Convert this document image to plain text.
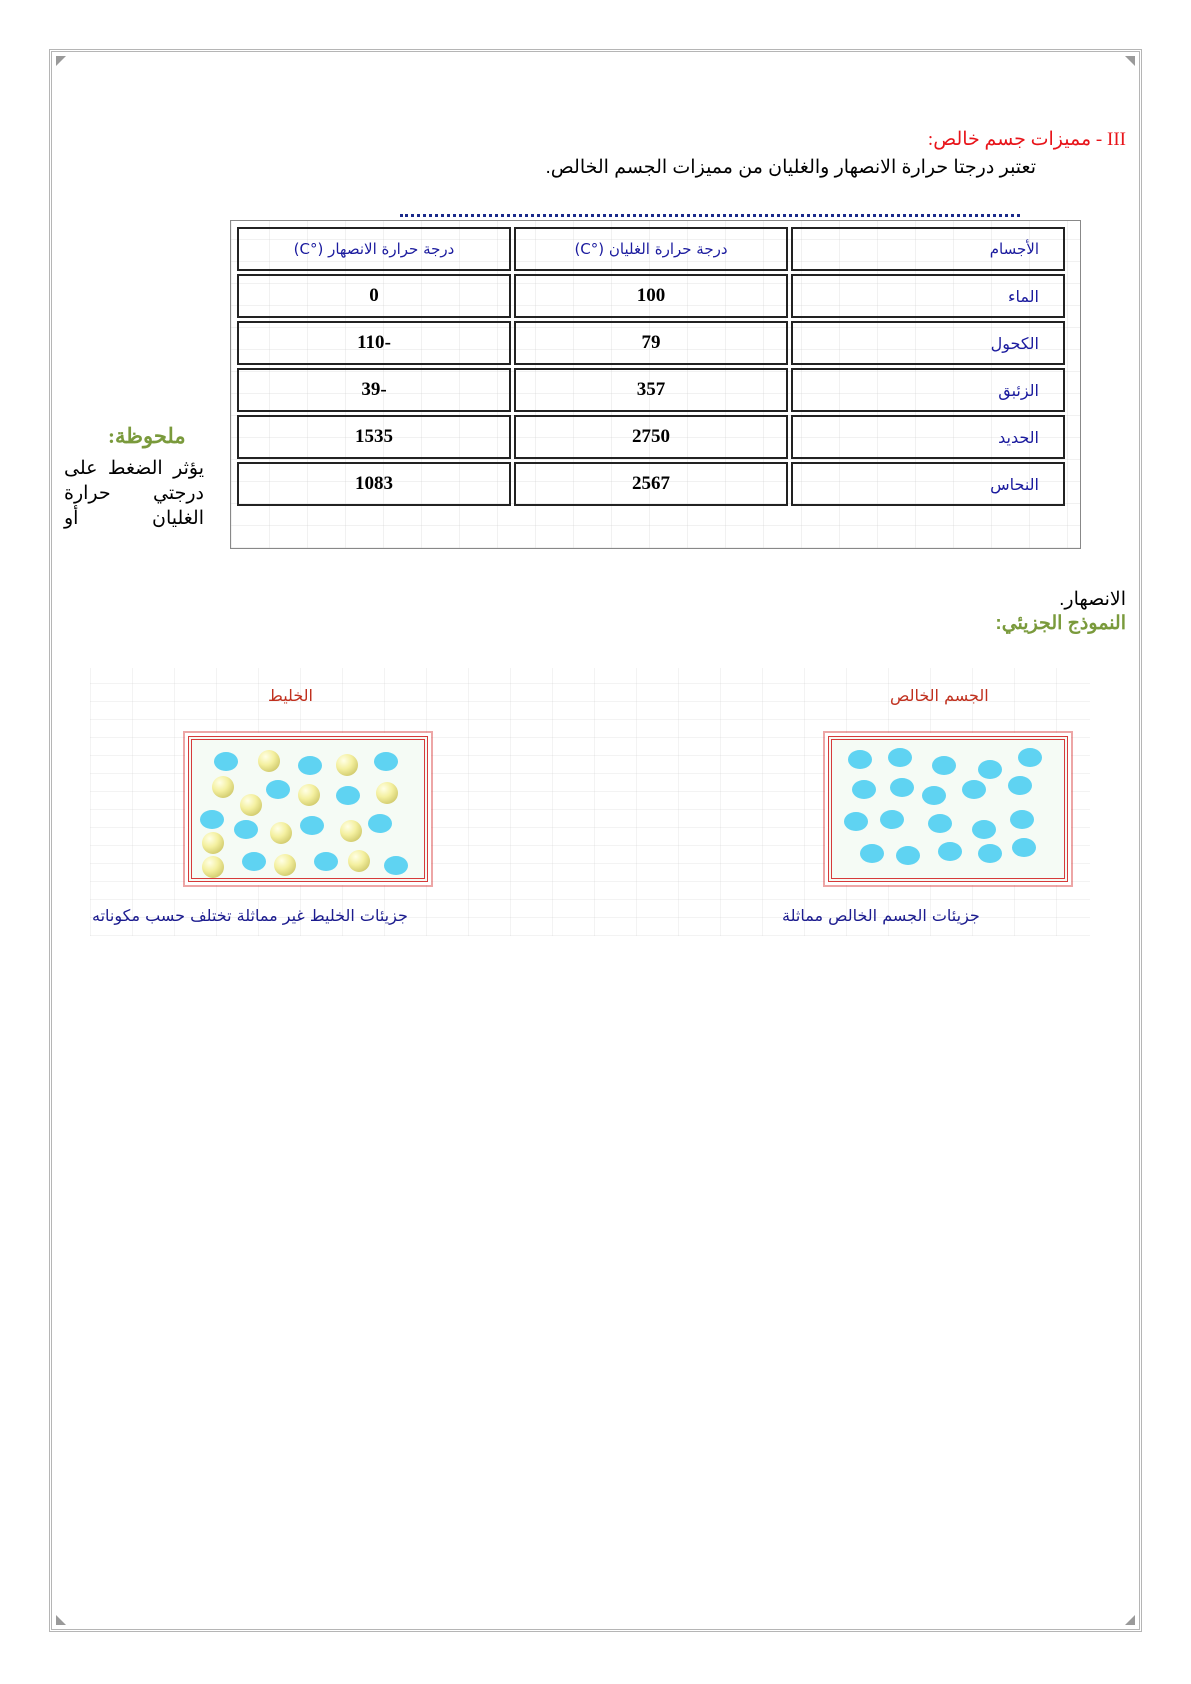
III - مميزات جسم خالص:
تعتبر درجتا حرارة الانصهار والغليان من مميزات الجسم الخالص.
الأجسام	درجة حرارة الغليان (°C)	درجة حرارة الانصهار (°C)
الماء	100	0
الكحول	79	-110
الزئبق	357	-39
الحديد	2750	1535
النحاس	2567	1083
ملحوظة:
يؤثر الضغط على درجتي حرارة الغليان أو
الانصهار.
النموذج الجزيئي:
الجسم الخالص
الخليط
جزيئات الجسم الخالص مماثلة
جزيئات الخليط غير مماثلة تختلف حسب مكوناته
